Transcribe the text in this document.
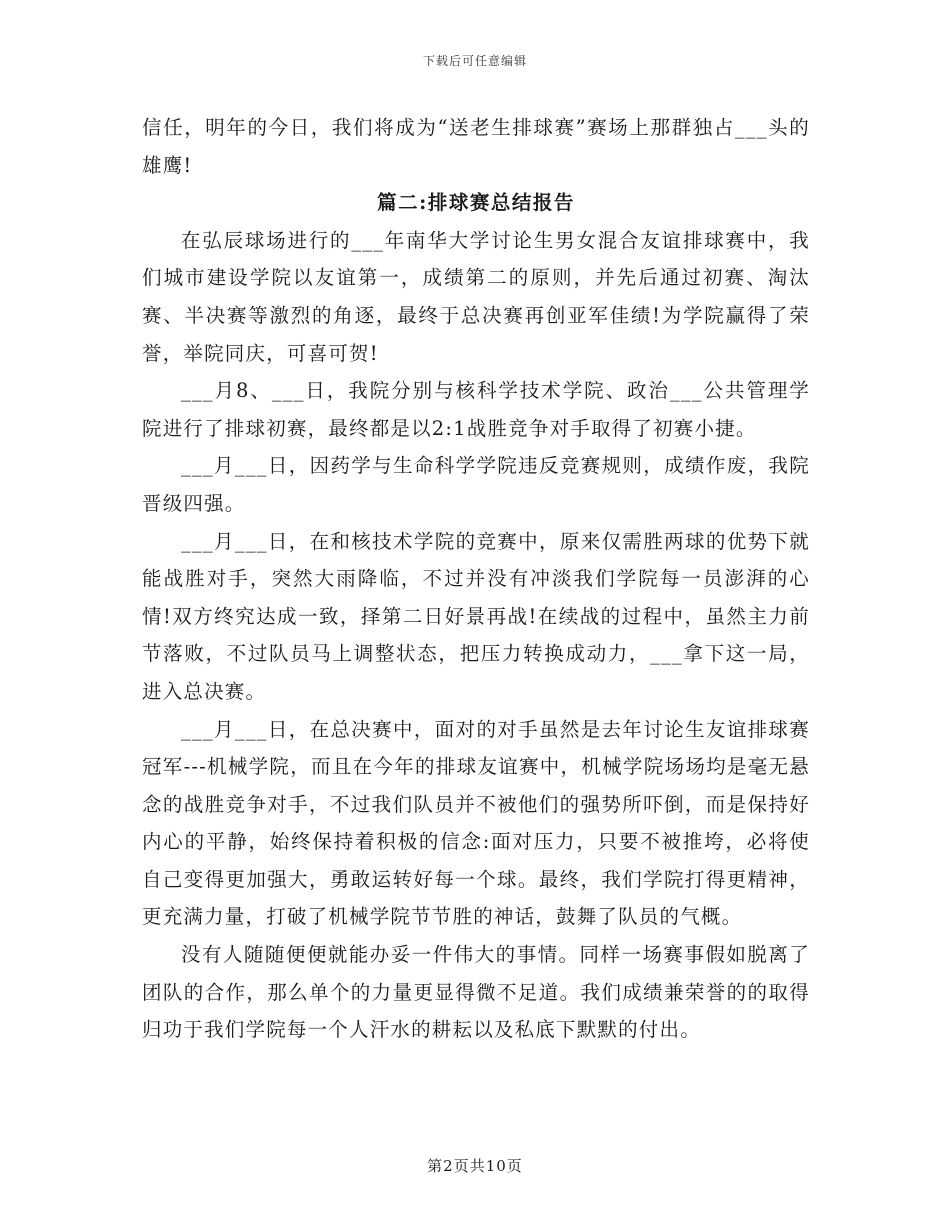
下载后可任意编辑

信任，明年的今日，我们将成为“送老生排球赛”赛场上那群独占___头的雄鹰!

篇二:排球赛总结报告

在弘辰球场进行的___年南华大学讨论生男女混合友谊排球赛中，我们城市建设学院以友谊第一，成绩第二的原则，并先后通过初赛、淘汰赛、半决赛等激烈的角逐，最终于总决赛再创亚军佳绩!为学院赢得了荣誉，举院同庆，可喜可贺!

___月8、___日，我院分别与核科学技术学院、政治___公共管理学院进行了排球初赛，最终都是以2:1战胜竞争对手取得了初赛小捷。

___月___日，因药学与生命科学学院违反竞赛规则，成绩作废，我院晋级四强。

___月___日，在和核技术学院的竞赛中，原来仅需胜两球的优势下就能战胜对手，突然大雨降临，不过并没有冲淡我们学院每一员澎湃的心情!双方终究达成一致，择第二日好景再战!在续战的过程中，虽然主力前节落败，不过队员马上调整状态，把压力转换成动力，___拿下这一局，进入总决赛。

___月___日，在总决赛中，面对的对手虽然是去年讨论生友谊排球赛冠军---机械学院，而且在今年的排球友谊赛中，机械学院场场均是毫无悬念的战胜竞争对手，不过我们队员并不被他们的强势所吓倒，而是保持好内心的平静，始终保持着积极的信念:面对压力，只要不被推垮，必将使自己变得更加强大，勇敢运转好每一个球。最终，我们学院打得更精神，更充满力量，打破了机械学院节节胜的神话，鼓舞了队员的气概。

没有人随随便便就能办妥一件伟大的事情。同样一场赛事假如脱离了团队的合作，那么单个的力量更显得微不足道。我们成绩兼荣誉的的取得归功于我们学院每一个人汗水的耕耘以及私底下默默的付出。

第2页共10页
